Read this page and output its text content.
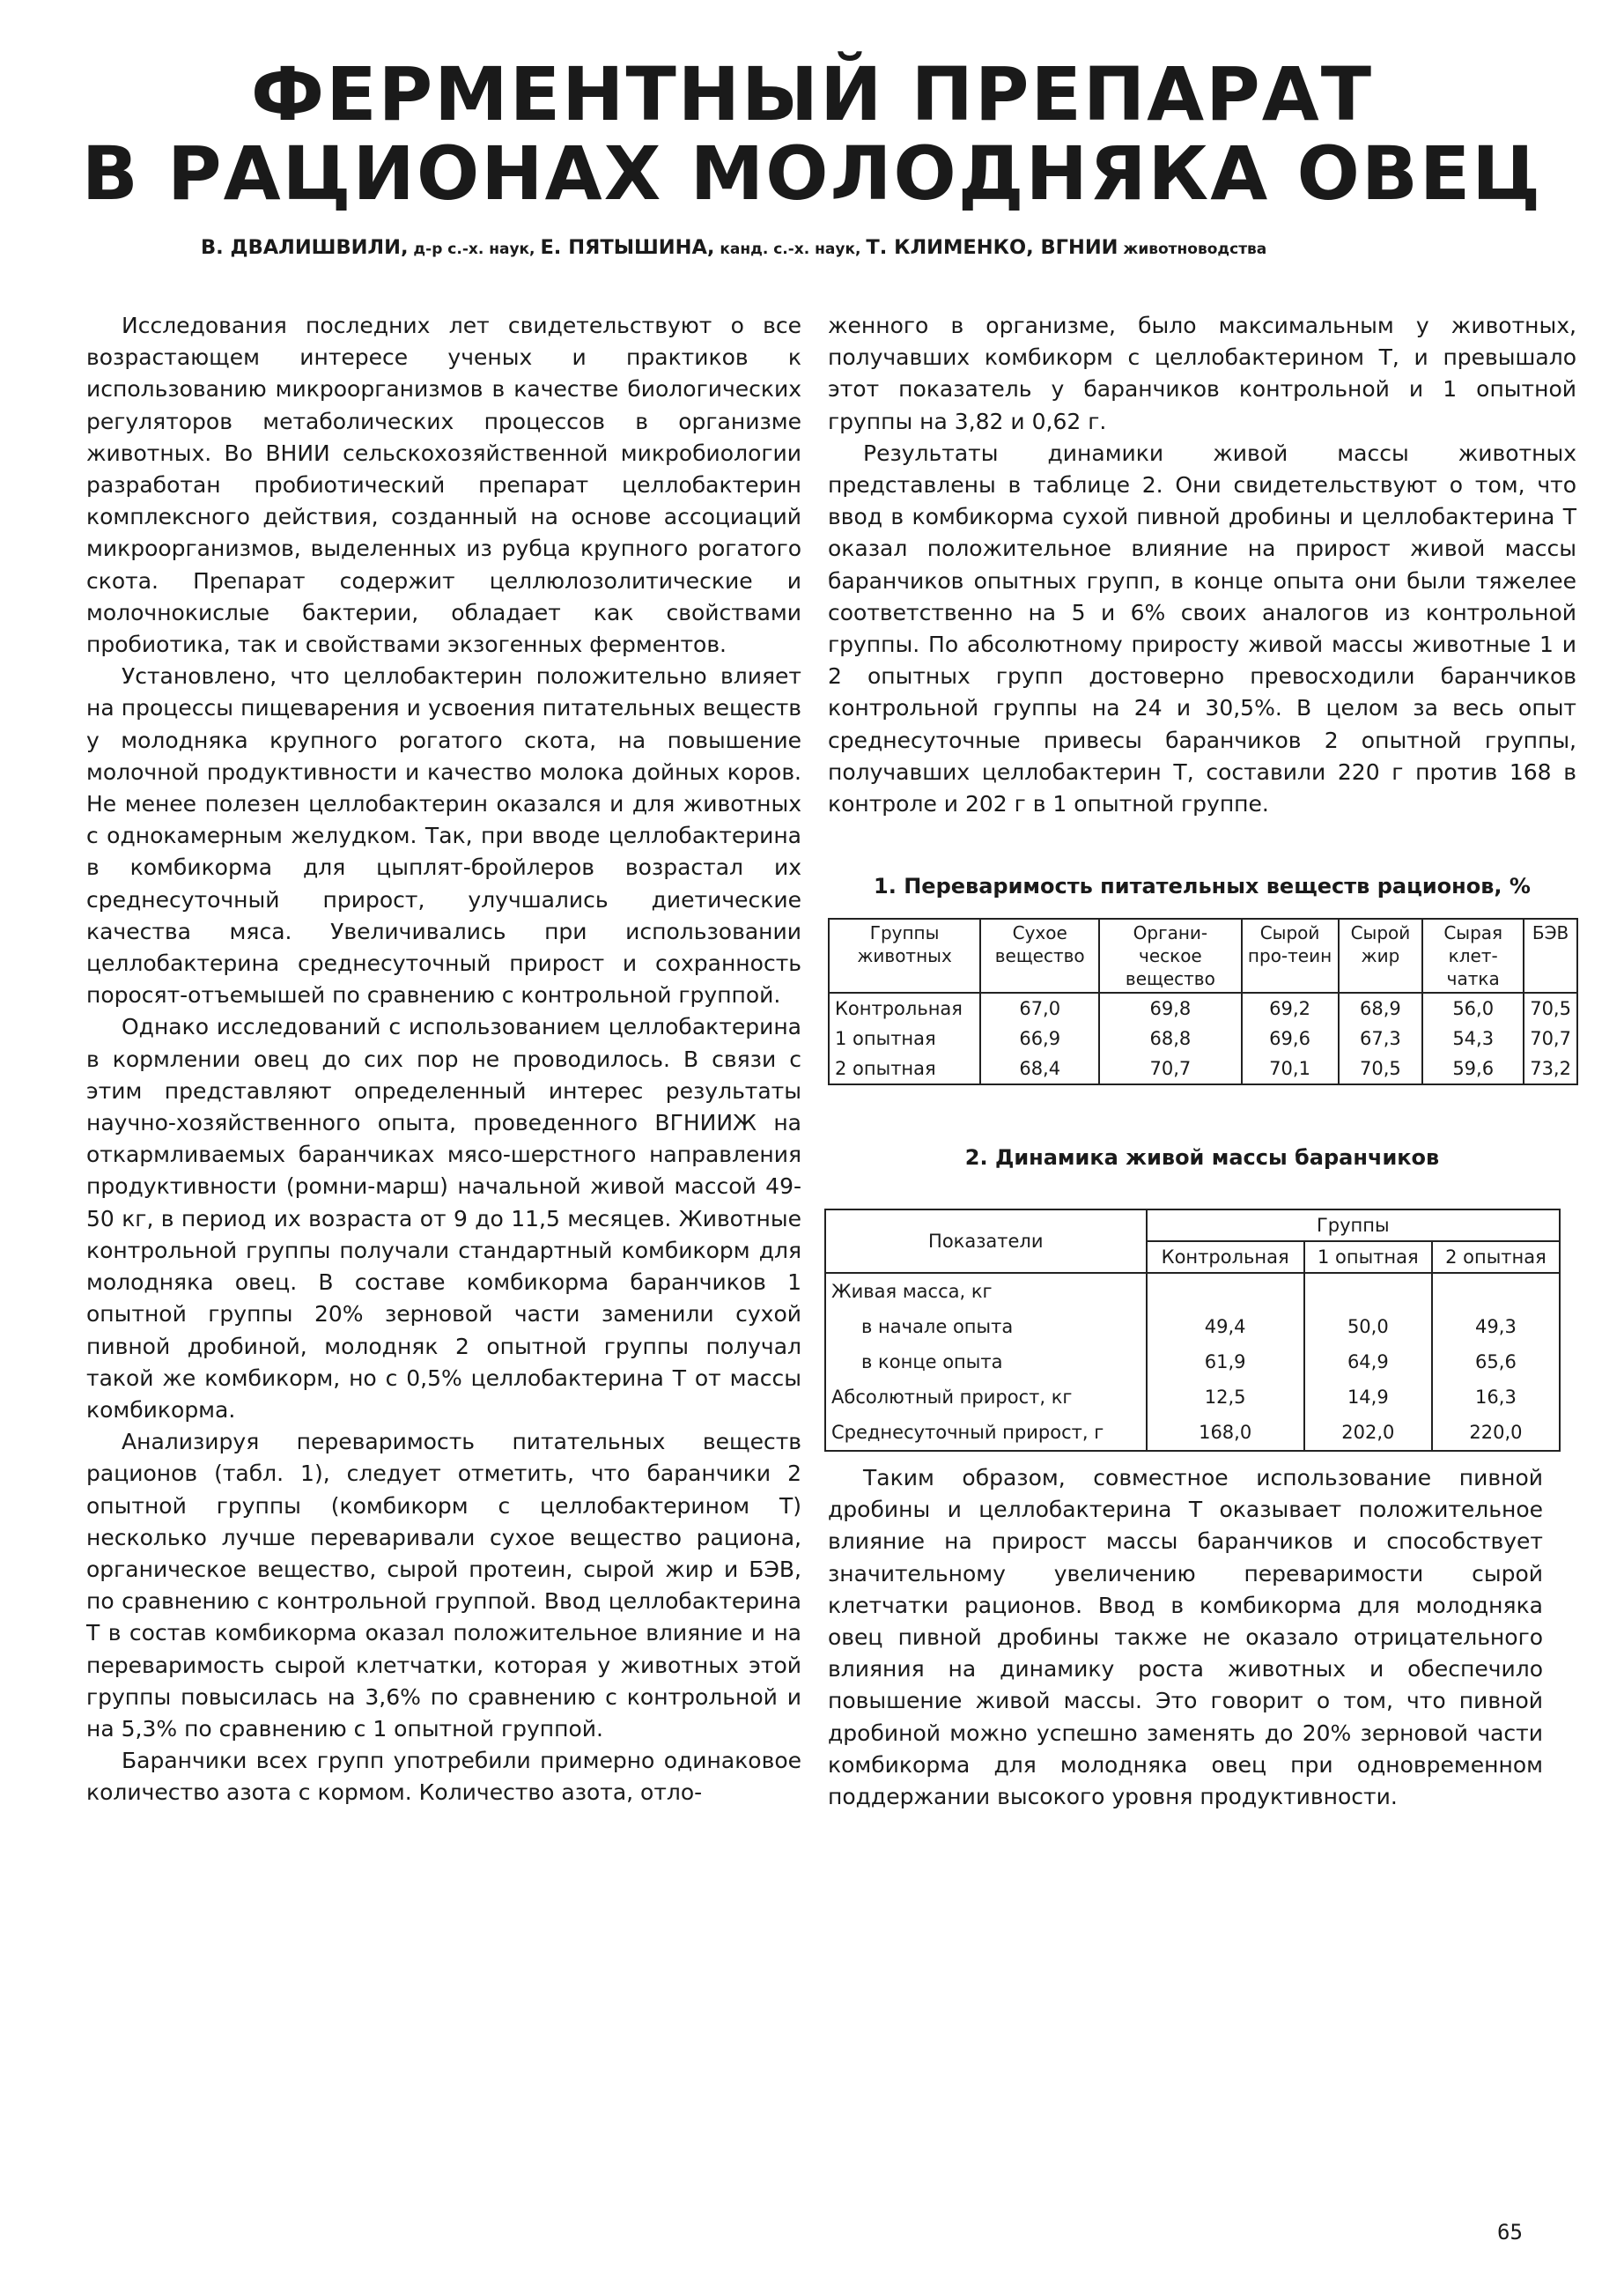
ФЕРМЕНТНЫЙ ПРЕПАРАТ
В РАЦИОНАХ МОЛОДНЯКА ОВЕЦ
В. ДВАЛИШВИЛИ, д-р с.-х. наук, Е. ПЯТЫШИНА, канд. с.-х. наук, Т. КЛИМЕНКО, ВГНИИ животноводства

Исследования последних лет свидетельствуют о все возрастающем интересе ученых и практиков к использованию микроорганизмов в качестве биологических регуляторов метаболических процессов в организме животных. Во ВНИИ сельскохозяйственной микробиологии разработан пробиотический препарат целлобактерин комплексного действия, созданный на основе ассоциаций микроорганизмов, выделенных из рубца крупного рогатого скота. Препарат содержит целлюлозолитические и молочнокислые бактерии, обладает как свойствами пробиотика, так и свойствами экзогенных ферментов.

Установлено, что целлобактерин положительно влияет на процессы пищеварения и усвоения питательных веществ у молодняка крупного рогатого скота, на повышение молочной продуктивности и качество молока дойных коров. Не менее полезен целлобактерин оказался и для животных с однокамерным желудком. Так, при вводе целлобактерина в комбикорма для цыплят-бройлеров возрастал их среднесуточный прирост, улучшались диетические качества мяса. Увеличивались при использовании целлобактерина среднесуточный прирост и сохранность поросят-отъемышей по сравнению с контрольной группой.

Однако исследований с использованием целлобактерина в кормлении овец до сих пор не проводилось. В связи с этим представляют определенный интерес результаты научно-хозяйственного опыта, проведенного ВГНИИЖ на откармливаемых баранчиках мясо-шерстного направления продуктивности (ромни-марш) начальной живой массой 49-50 кг, в период их возраста от 9 до 11,5 месяцев. Животные контрольной группы получали стандартный комбикорм для молодняка овец. В составе комбикорма баранчиков 1 опытной группы 20% зерновой части заменили сухой пивной дробиной, молодняк 2 опытной группы получал такой же комбикорм, но с 0,5% целлобактерина Т от массы комбикорма.

Анализируя переваримость питательных веществ рационов (табл. 1), следует отметить, что баранчики 2 опытной группы (комбикорм с целлобактерином Т) несколько лучше переваривали сухое вещество рациона, органическое вещество, сырой протеин, сырой жир и БЭВ, по сравнению с контрольной группой. Ввод целлобактерина Т в состав комбикорма оказал положительное влияние и на переваримость сырой клетчатки, которая у животных этой группы повысилась на 3,6% по сравнению с контрольной и на 5,3% по сравнению с 1 опытной группой.

Баранчики всех групп употребили примерно одинаковое количество азота с кормом. Количество азота, отло-

женного в организме, было максимальным у животных, получавших комбикорм с целлобактерином Т, и превышало этот показатель у баранчиков контрольной и 1 опытной группы на 3,82 и 0,62 г.

Результаты динамики живой массы животных представлены в таблице 2. Они свидетельствуют о том, что ввод в комбикорма сухой пивной дробины и целлобактерина Т оказал положительное влияние на прирост живой массы баранчиков опытных групп, в конце опыта они были тяжелее соответственно на 5 и 6% своих аналогов из контрольной группы. По абсолютному приросту живой массы животные 1 и 2 опытных групп достоверно превосходили баранчиков контрольной группы на 24 и 30,5%. В целом за весь опыт среднесуточные привесы баранчиков 2 опытной группы, получавших целлобактерин Т, составили 220 г против 168 в контроле и 202 г в 1 опытной группе.

1. Переваримость питательных веществ рационов, %

Группы животных	Сухое вещество	Органи-ческое вещество	Сырой про-теин	Сырой жир	Сырая клет-чатка	БЭВ
Контрольная	67,0	69,8	69,2	68,9	56,0	70,5
1 опытная	66,9	68,8	69,6	67,3	54,3	70,7
2 опытная	68,4	70,7	70,1	70,5	59,6	73,2

2. Динамика живой массы баранчиков

Показатели	Группы		
	Контрольная	1 опытная	2 опытная
Живая масса, кг			
в начале опыта	49,4	50,0	49,3
в конце опыта	61,9	64,9	65,6
Абсолютный прирост, кг	12,5	14,9	16,3
Среднесуточный прирост, г	168,0	202,0	220,0

Таким образом, совместное использование пивной дробины и целлобактерина Т оказывает положительное влияние на прирост массы баранчиков и способствует значительному увеличению переваримости сырой клетчатки рационов. Ввод в комбикорма для молодняка овец пивной дробины также не оказало отрицательного влияния на динамику роста животных и обеспечило повышение живой массы. Это говорит о том, что пивной дробиной можно успешно заменять до 20% зерновой части комбикорма для молодняка овец при одновременном поддержании высокого уровня продуктивности.

65
